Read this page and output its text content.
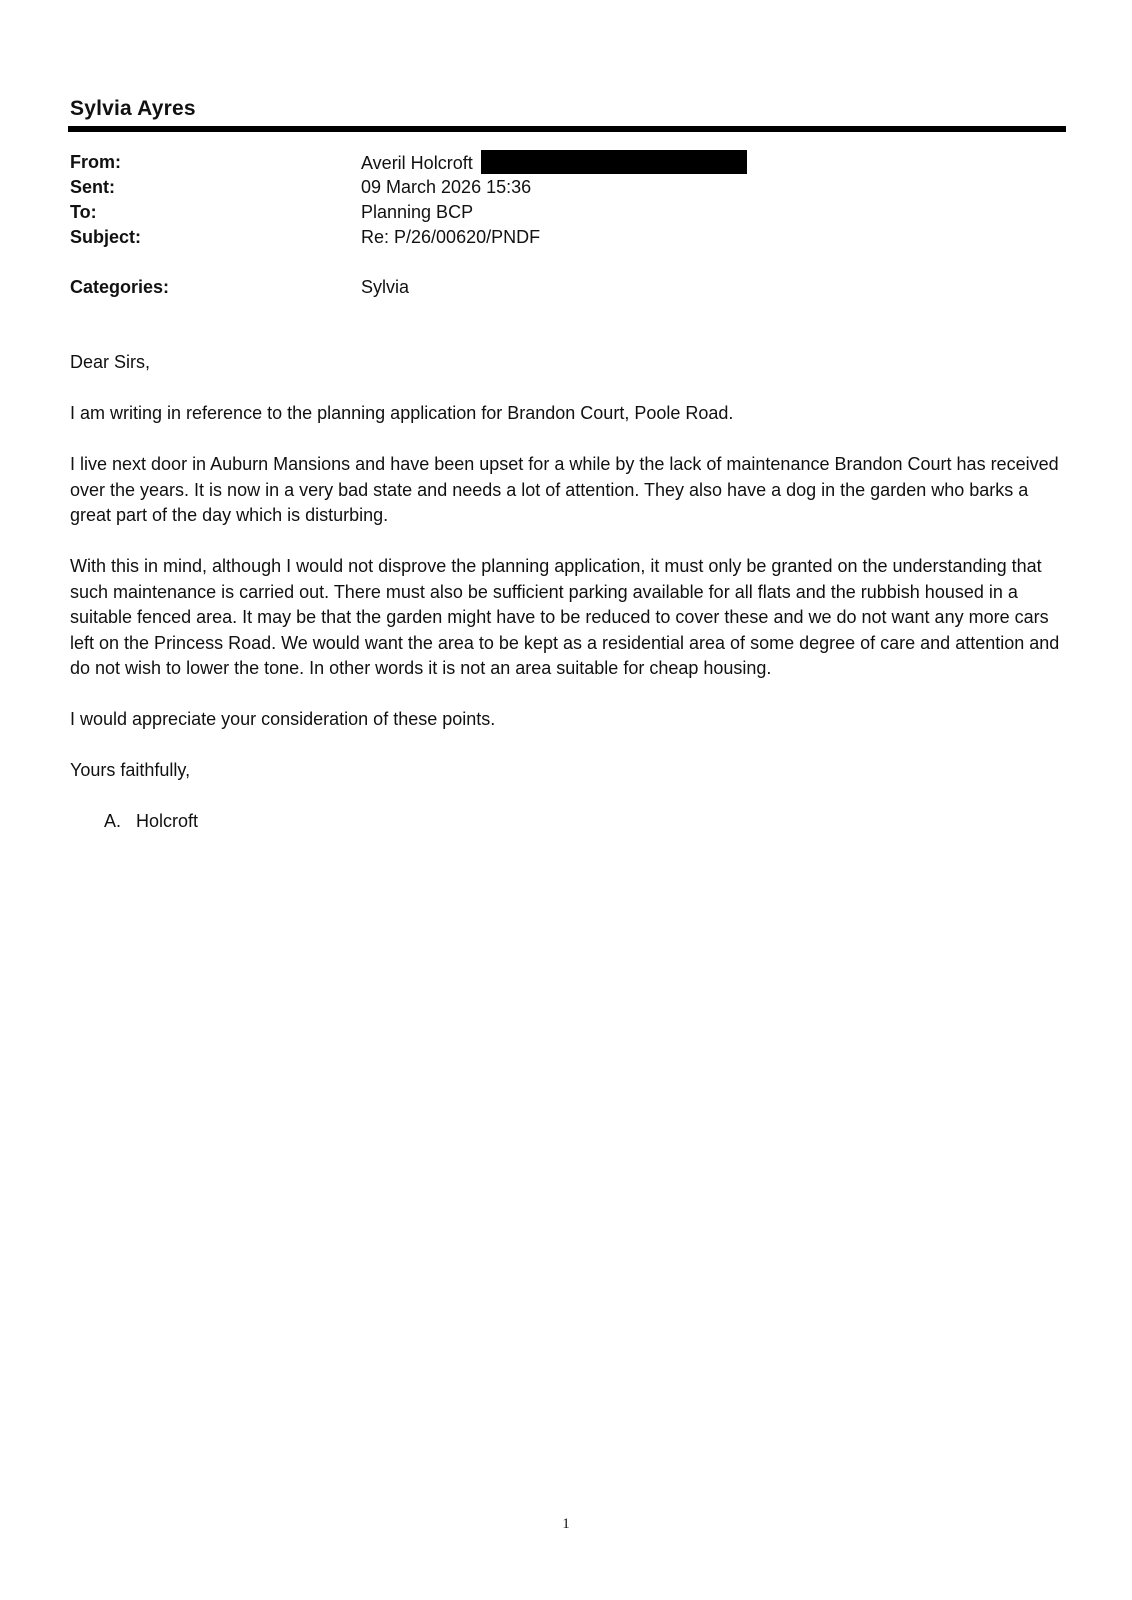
Sylvia Ayres
From:	Averil Holcroft
Sent:	09 March 2026 15:36
To:	Planning BCP
Subject:	Re: P/26/00620/PNDF
Categories:	Sylvia

Dear Sirs,

I am writing in reference to the planning application for Brandon Court, Poole Road.

I live next door in Auburn Mansions and have been upset for a while by the lack of maintenance Brandon Court has received over the years. It is now in a very bad state and needs a lot of attention. They also have a dog in the garden who barks a great part of the day which is disturbing.

With this in mind, although I would not disprove the planning application, it must only be granted on the understanding that such maintenance is carried out. There must also be sufficient parking available for all flats and the rubbish housed in a suitable fenced area. It may be that the garden might have to be reduced to cover these and we do not want any more cars left on the Princess Road. We would want the area to be kept as a residential area of some degree of care and attention and do not wish to lower the tone. In other words it is not an area suitable for cheap housing.

I would appreciate your consideration of these points.

Yours faithfully,

A.   Holcroft

1
